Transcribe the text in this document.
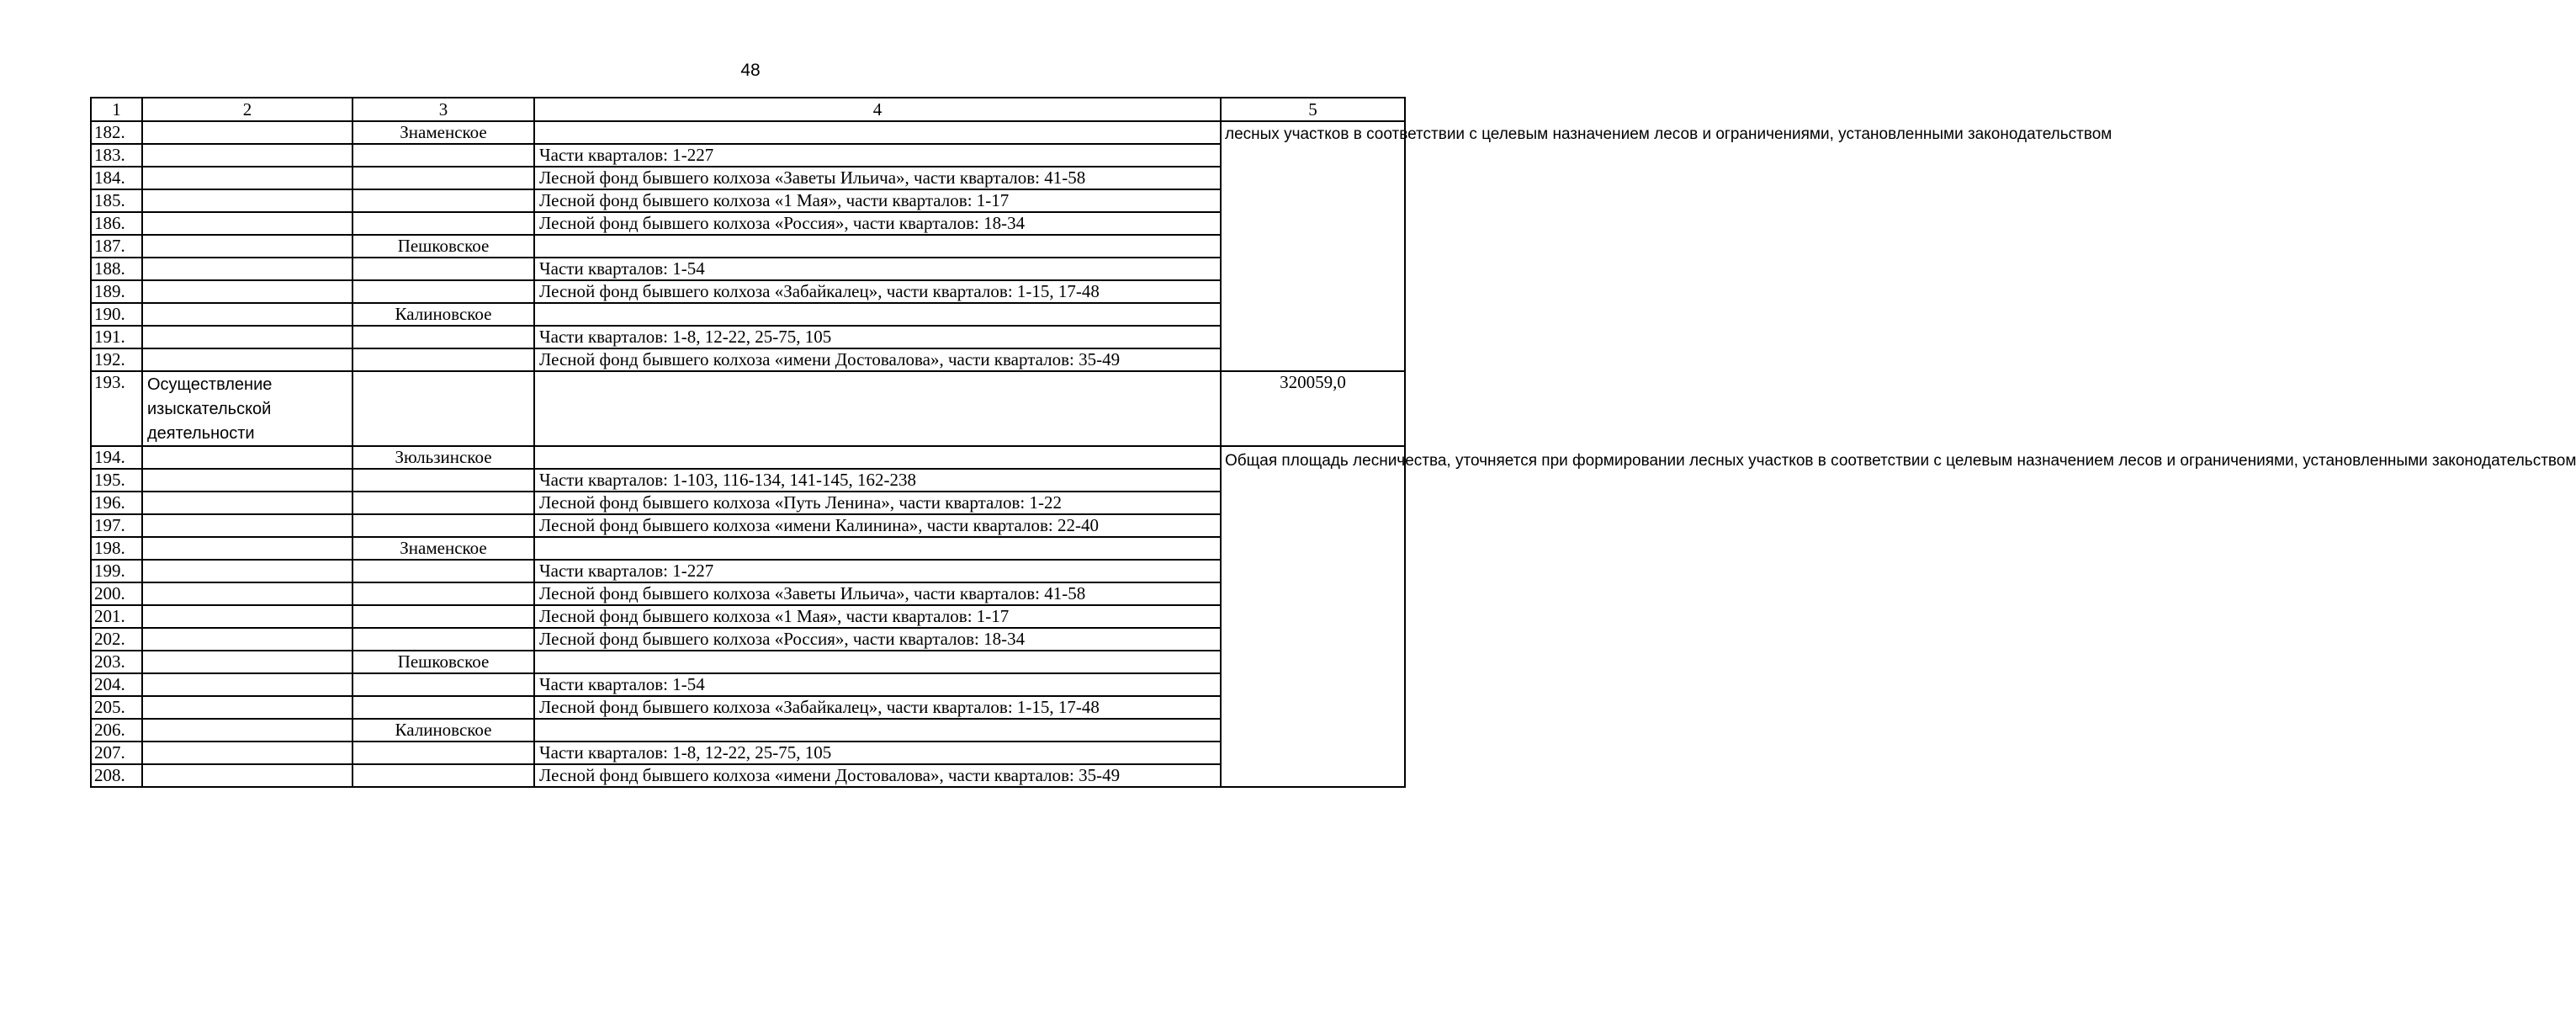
48
1	2	3	4	5
182.		Знаменское		лесных участков в соответствии с целевым назначением лесов и ограничениями, установленными законодательством
183.			Части кварталов: 1-227	
184.			Лесной фонд бывшего колхоза «Заветы Ильича», части кварталов: 41-58	
185.			Лесной фонд бывшего колхоза «1 Мая», части кварталов: 1-17	
186.			Лесной фонд бывшего колхоза «Россия», части кварталов: 18-34	
187.		Пешковское		
188.			Части кварталов: 1-54	
189.			Лесной фонд бывшего колхоза «Забайкалец», части кварталов: 1-15, 17-48	
190.		Калиновское		
191.			Части кварталов: 1-8, 12-22, 25-75, 105	
192.			Лесной фонд бывшего колхоза «имени Достовалова», части кварталов: 35-49	
193.	Осуществление изыскательской деятельности			320059,0
194.		Зюльзинское		Общая площадь лесничества, уточняется при формировании лесных участков в соответствии с целевым назначением лесов и ограничениями, установленными законодательством
195.			Части кварталов: 1-103, 116-134, 141-145, 162-238	
196.			Лесной фонд бывшего колхоза «Путь Ленина», части кварталов: 1-22	
197.			Лесной фонд бывшего колхоза «имени Калинина», части кварталов: 22-40	
198.		Знаменское		
199.			Части кварталов: 1-227	
200.			Лесной фонд бывшего колхоза «Заветы Ильича», части кварталов: 41-58	
201.			Лесной фонд бывшего колхоза «1 Мая», части кварталов: 1-17	
202.			Лесной фонд бывшего колхоза «Россия», части кварталов: 18-34	
203.		Пешковское		
204.			Части кварталов: 1-54	
205.			Лесной фонд бывшего колхоза «Забайкалец», части кварталов: 1-15, 17-48	
206.		Калиновское		
207.			Части кварталов: 1-8, 12-22, 25-75, 105	
208.			Лесной фонд бывшего колхоза «имени Достовалова», части кварталов: 35-49	
